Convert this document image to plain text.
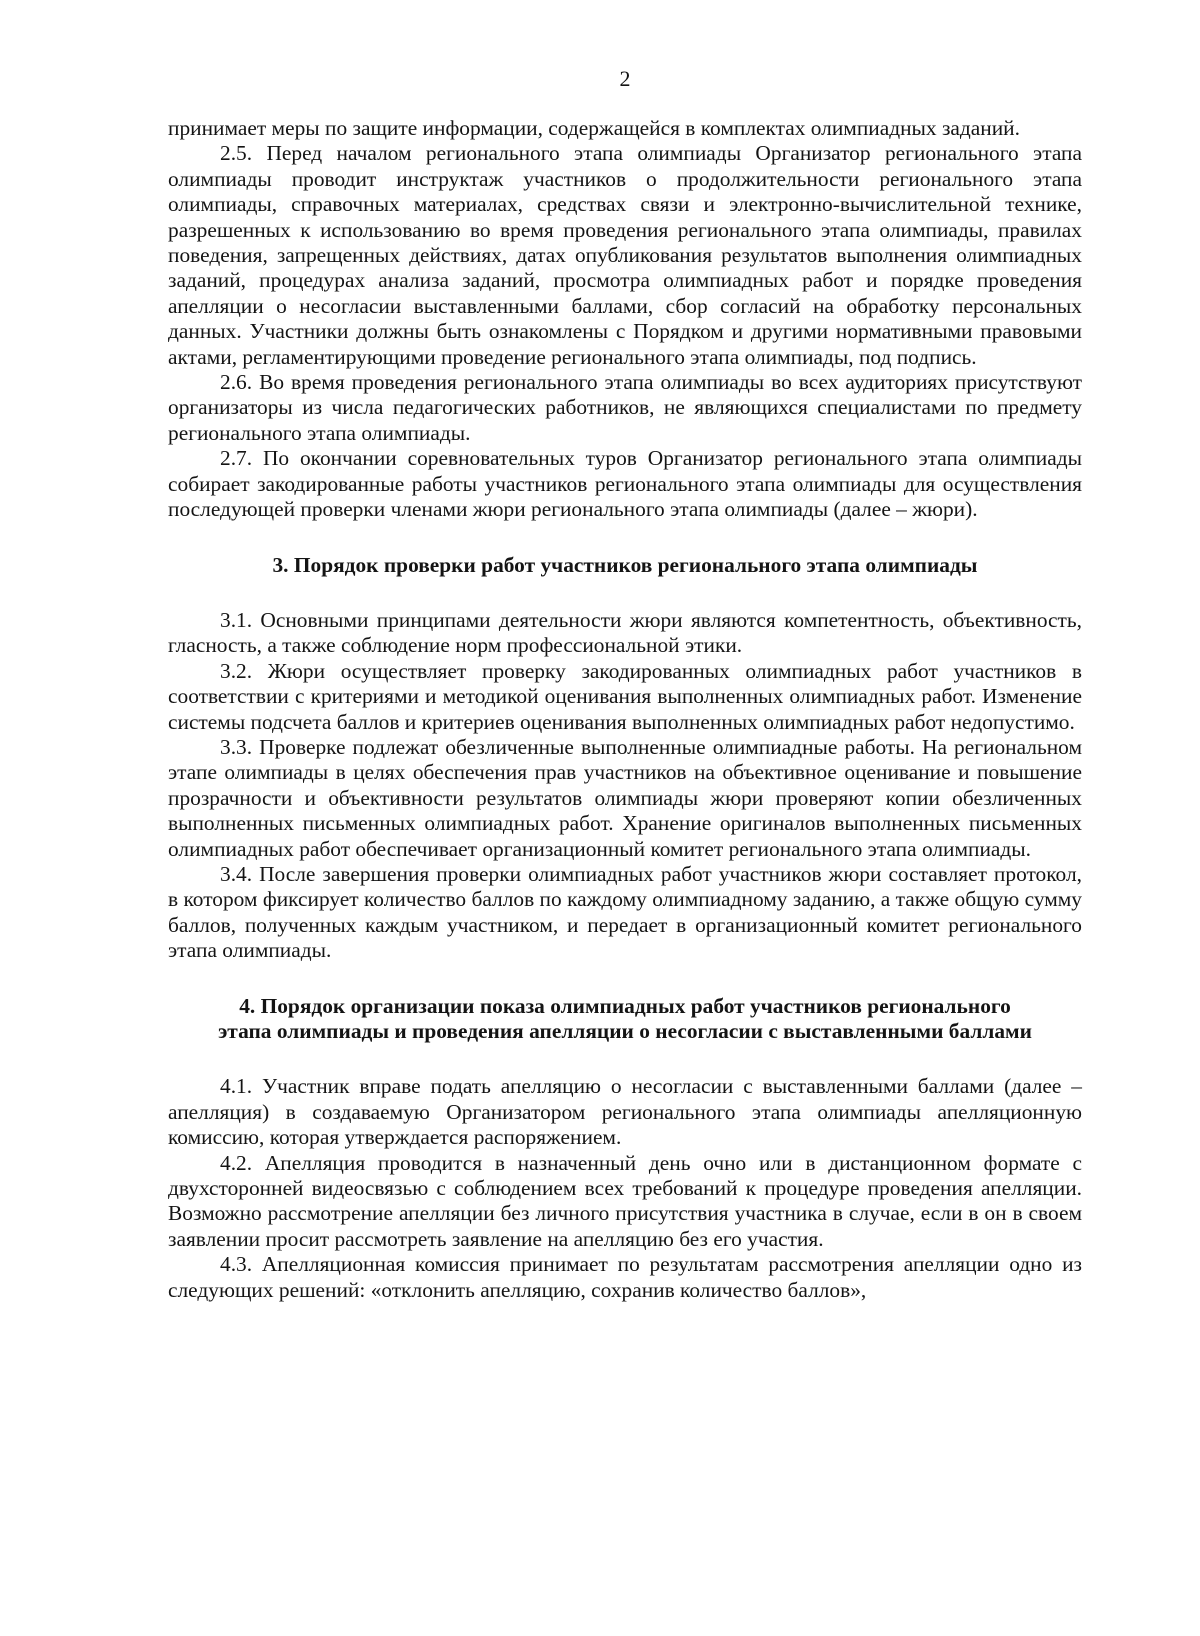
2

принимает меры по защите информации, содержащейся в комплектах олимпиадных заданий.

2.5. Перед началом регионального этапа олимпиады Организатор регионального этапа олимпиады проводит инструктаж участников о продолжительности регионального этапа олимпиады, справочных материалах, средствах связи и электронно-вычислительной технике, разрешенных к использованию во время проведения регионального этапа олимпиады, правилах поведения, запрещенных действиях, датах опубликования результатов выполнения олимпиадных заданий, процедурах анализа заданий, просмотра олимпиадных работ и порядке проведения апелляции о несогласии выставленными баллами, сбор согласий на обработку персональных данных. Участники должны быть ознакомлены с Порядком и другими нормативными правовыми актами, регламентирующими проведение регионального этапа олимпиады, под подпись.

2.6. Во время проведения регионального этапа олимпиады во всех аудиториях присутствуют организаторы из числа педагогических работников, не являющихся специалистами по предмету регионального этапа олимпиады.

2.7. По окончании соревновательных туров Организатор регионального этапа олимпиады собирает закодированные работы участников регионального этапа олимпиады для осуществления последующей проверки членами жюри регионального этапа олимпиады (далее – жюри).

3. Порядок проверки работ участников регионального этапа олимпиады

3.1. Основными принципами деятельности жюри являются компетентность, объективность, гласность, а также соблюдение норм профессиональной этики.

3.2. Жюри осуществляет проверку закодированных олимпиадных работ участников в соответствии с критериями и методикой оценивания выполненных олимпиадных работ. Изменение системы подсчета баллов и критериев оценивания выполненных олимпиадных работ недопустимо.

3.3. Проверке подлежат обезличенные выполненные олимпиадные работы. На региональном этапе олимпиады в целях обеспечения прав участников на объективное оценивание и повышение прозрачности и объективности результатов олимпиады жюри проверяют копии обезличенных выполненных письменных олимпиадных работ. Хранение оригиналов выполненных письменных олимпиадных работ обеспечивает организационный комитет регионального этапа олимпиады.

3.4. После завершения проверки олимпиадных работ участников жюри составляет протокол, в котором фиксирует количество баллов по каждому олимпиадному заданию, а также общую сумму баллов, полученных каждым участником, и передает в организационный комитет регионального этапа олимпиады.

4. Порядок организации показа олимпиадных работ участников регионального
этапа олимпиады и проведения апелляции о несогласии с выставленными баллами

4.1. Участник вправе подать апелляцию о несогласии с выставленными баллами (далее – апелляция) в создаваемую Организатором регионального этапа олимпиады апелляционную комиссию, которая утверждается распоряжением.

4.2. Апелляция проводится в назначенный день очно или в дистанционном формате с двухсторонней видеосвязью с соблюдением всех требований к процедуре проведения апелляции. Возможно рассмотрение апелляции без личного присутствия участника в случае, если в он в своем заявлении просит рассмотреть заявление на апелляцию без его участия.

4.3. Апелляционная комиссия принимает по результатам рассмотрения апелляции одно из следующих решений: «отклонить апелляцию, сохранив количество баллов»,
